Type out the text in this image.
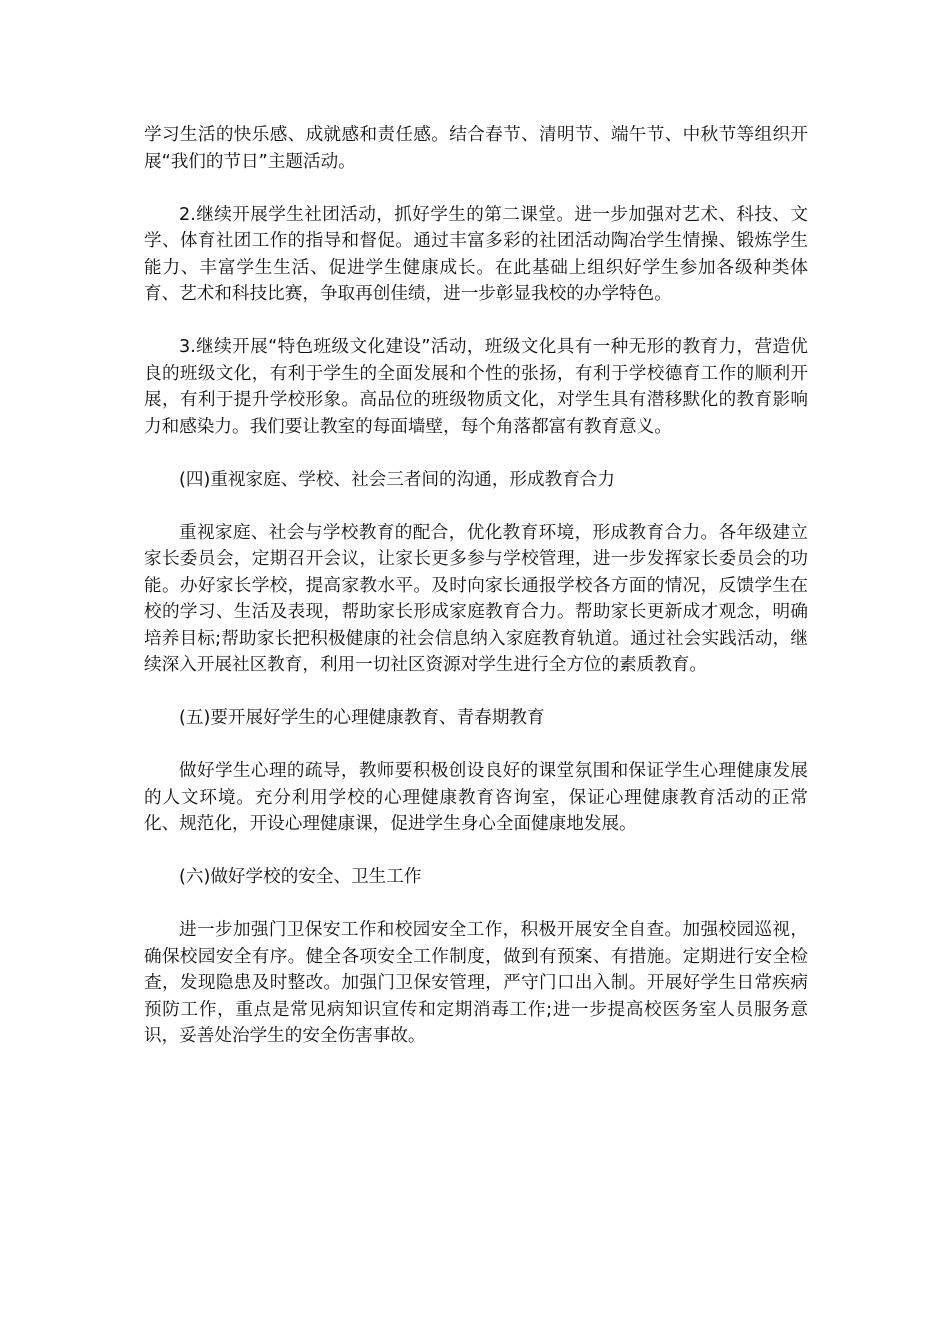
学习生活的快乐感、成就感和责任感。结合春节、清明节、端午节、中秋节等组织开展“我们的节日”主题活动。

2.继续开展学生社团活动，抓好学生的第二课堂。进一步加强对艺术、科技、文学、体育社团工作的指导和督促。通过丰富多彩的社团活动陶冶学生情操、锻炼学生能力、丰富学生生活、促进学生健康成长。在此基础上组织好学生参加各级种类体育、艺术和科技比赛，争取再创佳绩，进一步彰显我校的办学特色。

3.继续开展“特色班级文化建设”活动，班级文化具有一种无形的教育力，营造优良的班级文化，有利于学生的全面发展和个性的张扬，有利于学校德育工作的顺利开展，有利于提升学校形象。高品位的班级物质文化，对学生具有潜移默化的教育影响力和感染力。我们要让教室的每面墙壁，每个角落都富有教育意义。

(四)重视家庭、学校、社会三者间的沟通，形成教育合力

重视家庭、社会与学校教育的配合，优化教育环境，形成教育合力。各年级建立家长委员会，定期召开会议，让家长更多参与学校管理，进一步发挥家长委员会的功能。办好家长学校，提高家教水平。及时向家长通报学校各方面的情况，反馈学生在校的学习、生活及表现，帮助家长形成家庭教育合力。帮助家长更新成才观念，明确培养目标;帮助家长把积极健康的社会信息纳入家庭教育轨道。通过社会实践活动，继续深入开展社区教育，利用一切社区资源对学生进行全方位的素质教育。

(五)要开展好学生的心理健康教育、青春期教育

做好学生心理的疏导，教师要积极创设良好的课堂氛围和保证学生心理健康发展的人文环境。充分利用学校的心理健康教育咨询室，保证心理健康教育活动的正常化、规范化，开设心理健康课，促进学生身心全面健康地发展。

(六)做好学校的安全、卫生工作

进一步加强门卫保安工作和校园安全工作，积极开展安全自查。加强校园巡视，确保校园安全有序。健全各项安全工作制度，做到有预案、有措施。定期进行安全检查，发现隐患及时整改。加强门卫保安管理，严守门口出入制。开展好学生日常疾病预防工作，重点是常见病知识宣传和定期消毒工作;进一步提高校医务室人员服务意识，妥善处治学生的安全伤害事故。
